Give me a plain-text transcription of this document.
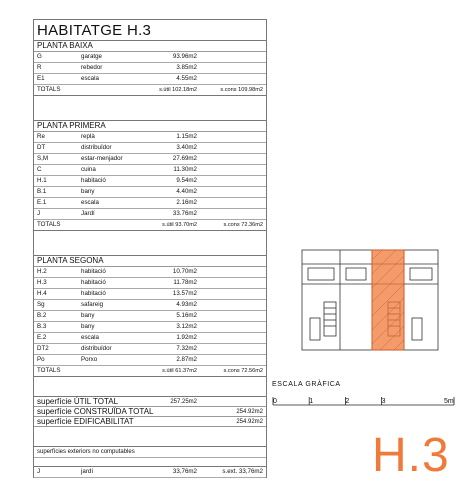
HABITATGE H.3
PLANTA BAIXA
G	garatge	93.96m2
R	rebedor	3.85m2
E1	escala	4.55m2
TOTALS	s.útil 102.18m2	s.cons 109.98m2
PLANTA PRIMERA
Re	replà	1.15m2
DT	distribuïdor	3.40m2
S,M	estar-menjador	27.69m2
C	cuina	11.30m2
H.1	habitació	9.54m2
B.1	bany	4.40m2
E.1	escala	2.16m2
J	Jardí	33.76m2
TOTALS	s.útil 93.70m2	s.cons 72.36m2
PLANTA SEGONA
H.2	habitació	10.70m2
H.3	habitació	11.78m2
H.4	habitació	13.57m2
Sg	safareig	4.93m2
B.2	bany	5.16m2
B.3	bany	3.12m2
E.2	escala	1.92m2
DT2	distribuïdor	7.32m2
Po	Porxo	2.87m2
TOTALS	s.útil 61.37m2	s.cons 72.56m2
superfície ÚTIL TOTAL	257.25m2
superfície CONSTRUÏDA TOTAL	254.92m2
superfície EDIFICABILITAT	254.92m2
superfícies exteriors no computables
J	jardí	33,76m2	s.ext. 33,76m2
ESCALA GRÀFICA
0	1	2	3	5m
H.3
